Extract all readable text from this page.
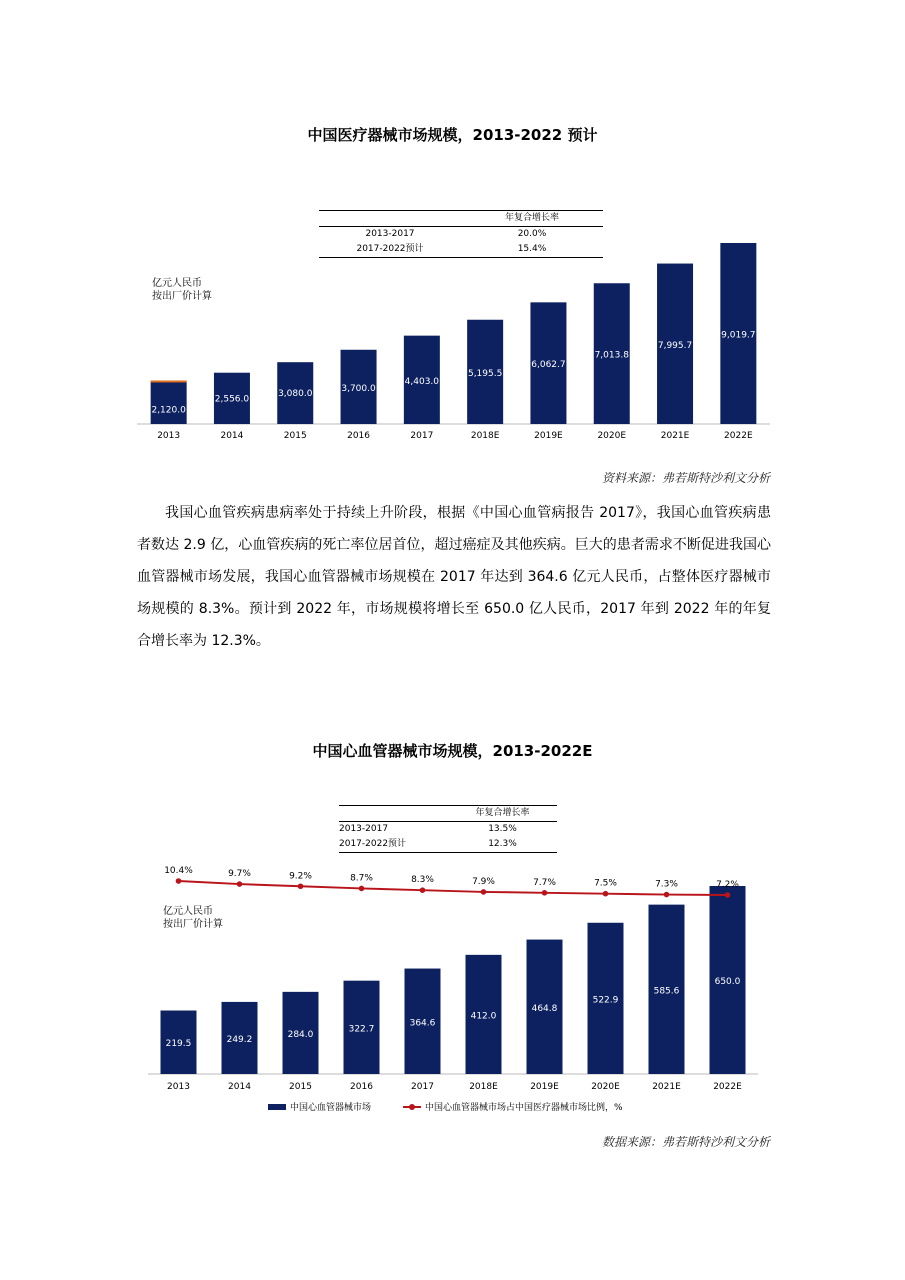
中国医疗器械市场规模，2013-2022 预计
	年复合增长率
2013-2017	20.0%
2017-2022预计	15.4%
亿元人民币
按出厂价计算
2,120.0
2013
2,556.0
2014
3,080.0
2015
3,700.0
2016
4,403.0
2017
5,195.5
2018E
6,062.7
2019E
7,013.8
2020E
7,995.7
2021E
9,019.7
2022E
资料来源：弗若斯特沙利文分析

我国心血管疾病患病率处于持续上升阶段，根据《中国心血管病报告 2017》，我国心血管疾病患者数达 2.9 亿，心血管疾病的死亡率位居首位，超过癌症及其他疾病。巨大的患者需求不断促进我国心血管器械市场发展，我国心血管器械市场规模在 2017 年达到 364.6 亿元人民币，占整体医疗器械市场规模的 8.3%。预计到 2022 年，市场规模将增长至 650.0 亿人民币，2017 年到 2022 年的年复合增长率为 12.3%。

中国心血管器械市场规模，2013-2022E
	年复合增长率
2013-2017	13.5%
2017-2022预计	12.3%
亿元人民币
按出厂价计算
219.5
2013
249.2
2014
284.0
2015
322.7
2016
364.6
2017
412.0
2018E
464.8
2019E
522.9
2020E
585.6
2021E
650.0
2022E
10.4%	9.7%	9.2%	8.7%	8.3%	7.9%	7.7%	7.5%	7.3%	7.2%
中国心血管器械市场	中国心血管器械市场占中国医疗器械市场比例，%
数据来源：弗若斯特沙利文分析
